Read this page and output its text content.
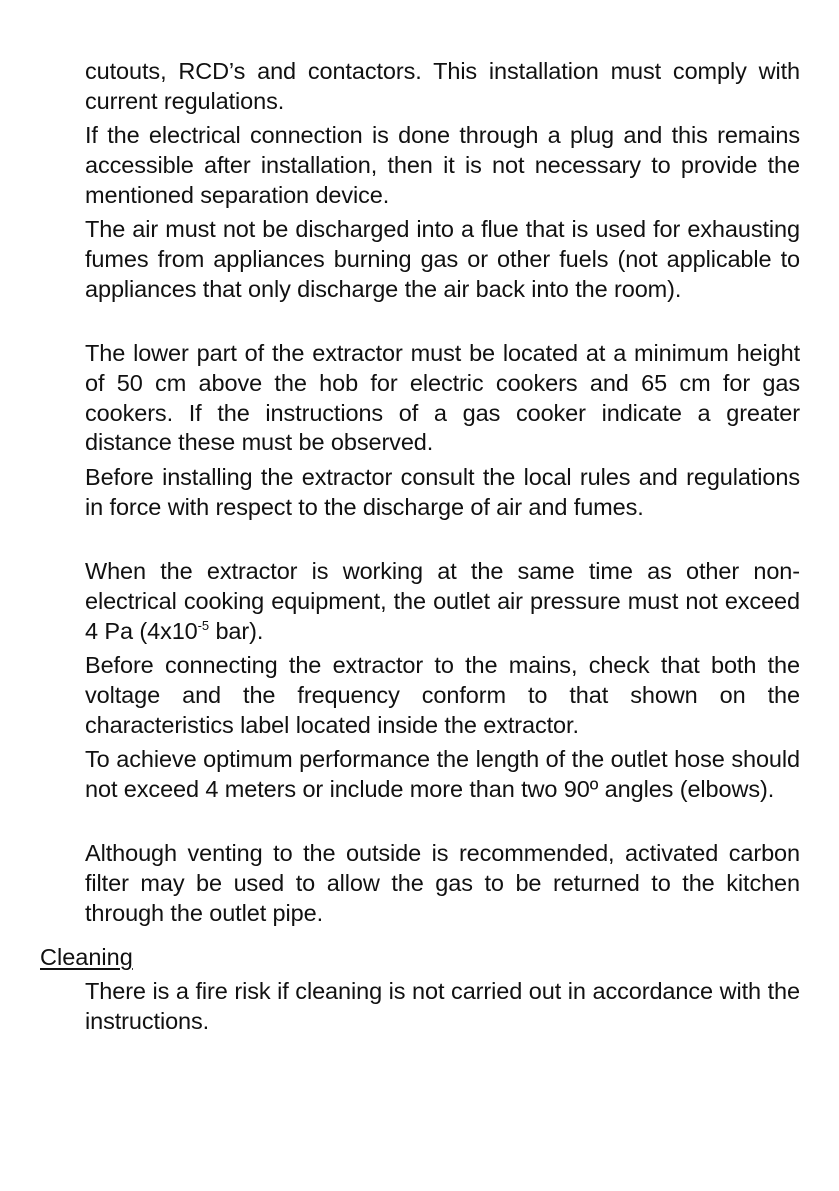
cutouts, RCD’s and contactors. This installation must comply with current regulations.

If the electrical connection is done through a plug and this remains accessible after installation, then it is not necessary to provide the mentioned separation device.

The air must not be discharged into a flue that is used for exhausting fumes from appliances burning gas or other fuels (not applicable to appliances that only discharge the air back into the room).

The lower part of the extractor must be located at a minimum height of 50 cm above the hob for electric cookers and 65 cm for gas cookers. If the instructions of a gas cooker indicate a greater distance these must be observed.

Before installing the extractor consult the local rules and regulations in force with respect to the discharge of air and fumes.

When the extractor is working at the same time as other non-electrical cooking equipment, the outlet air pressure must not exceed 4 Pa ($4x10^{-5}$ bar).

Before connecting the extractor to the mains, check that both the voltage and the frequency conform to that shown on the characteristics label located inside the extractor.

To achieve optimum performance the length of the outlet hose should not exceed 4 meters or include more than two 90º angles (elbows).

Although venting to the outside is recommended, activated carbon filter may be used to allow the gas to be returned to the kitchen through the outlet pipe.

Cleaning

There is a fire risk if cleaning is not carried out in accordance with the instructions.
